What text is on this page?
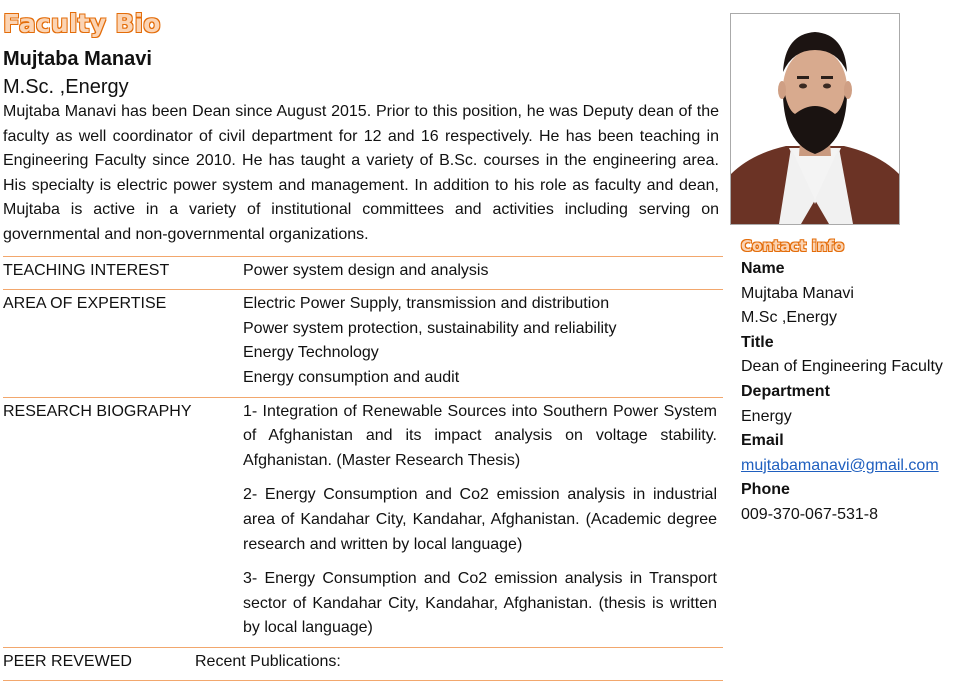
Faculty Bio
Mujtaba Manavi
M.Sc. ,Energy
Mujtaba Manavi has been Dean since August 2015. Prior to this position, he was Deputy dean of the faculty as well coordinator of civil department for 12 and 16 respectively. He has been teaching in Engineering Faculty since 2010. He has taught a variety of B.Sc. courses in the engineering area. His specialty is electric power system and management. In addition to his role as faculty and dean, Mujtaba is active in a variety of institutional committees and activities including serving on governmental and non-governmental organizations.
TEACHING INTEREST	Power system design and analysis
AREA OF EXPERTISE	Electric Power Supply, transmission and distribution
Power system protection, sustainability and reliability
Energy Technology
Energy consumption and audit
RESEARCH BIOGRAPHY	1- Integration of Renewable Sources into Southern Power System of Afghanistan and its impact analysis on voltage stability. Afghanistan. (Master Research Thesis)

2- Energy Consumption and Co2 emission analysis in industrial area of Kandahar City, Kandahar, Afghanistan. (Academic degree research and written by local language)

3- Energy Consumption and Co2 emission analysis in Transport sector of Kandahar City, Kandahar, Afghanistan. (thesis is written by local language)

PEER REVEWED	Recent Publications:
Contact info
Name
Mujtaba Manavi
M.Sc ,Energy
Title
Dean of Engineering Faculty
Department
Energy
Email
mujtabamanavi@gmail.com
Phone
009-370-067-531-8
